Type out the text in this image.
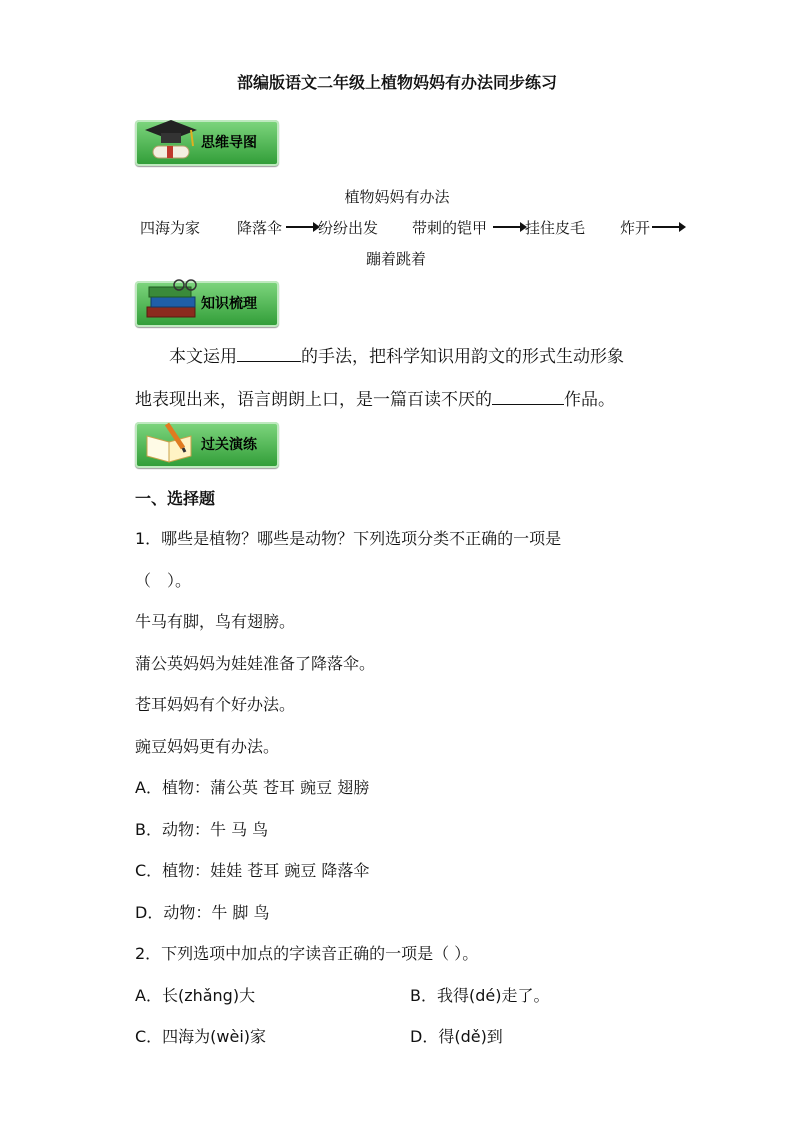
部编版语文二年级上植物妈妈有办法同步练习
思维导图
植物妈妈有办法
四海为家 降落伞 纷纷出发 带刺的铠甲	挂住皮毛 炸开
蹦着跳着
知识梳理
本文运用	的手法，把科学知识用韵文的形式生动形象
地表现出来，语言朗朗上口，是一篇百读不厌的	作品。
过关演练
一、选择题
1．哪些是植物？哪些是动物？下列选项分类不正确的一项是
（　）。
牛马有脚，鸟有翅膀。
蒲公英妈妈为娃娃准备了降落伞。
苍耳妈妈有个好办法。
豌豆妈妈更有办法。
A．植物：蒲公英 苍耳 豌豆 翅膀
B．动物：牛 马 鸟
C．植物：娃娃 苍耳 豌豆 降落伞
D．动物：牛 脚 鸟
2．下列选项中加点的字读音正确的一项是（ ）。
A．长(zhǎng)大	B．我得(dé)走了。
C．四海为(wèi)家	D．得(dě)到
